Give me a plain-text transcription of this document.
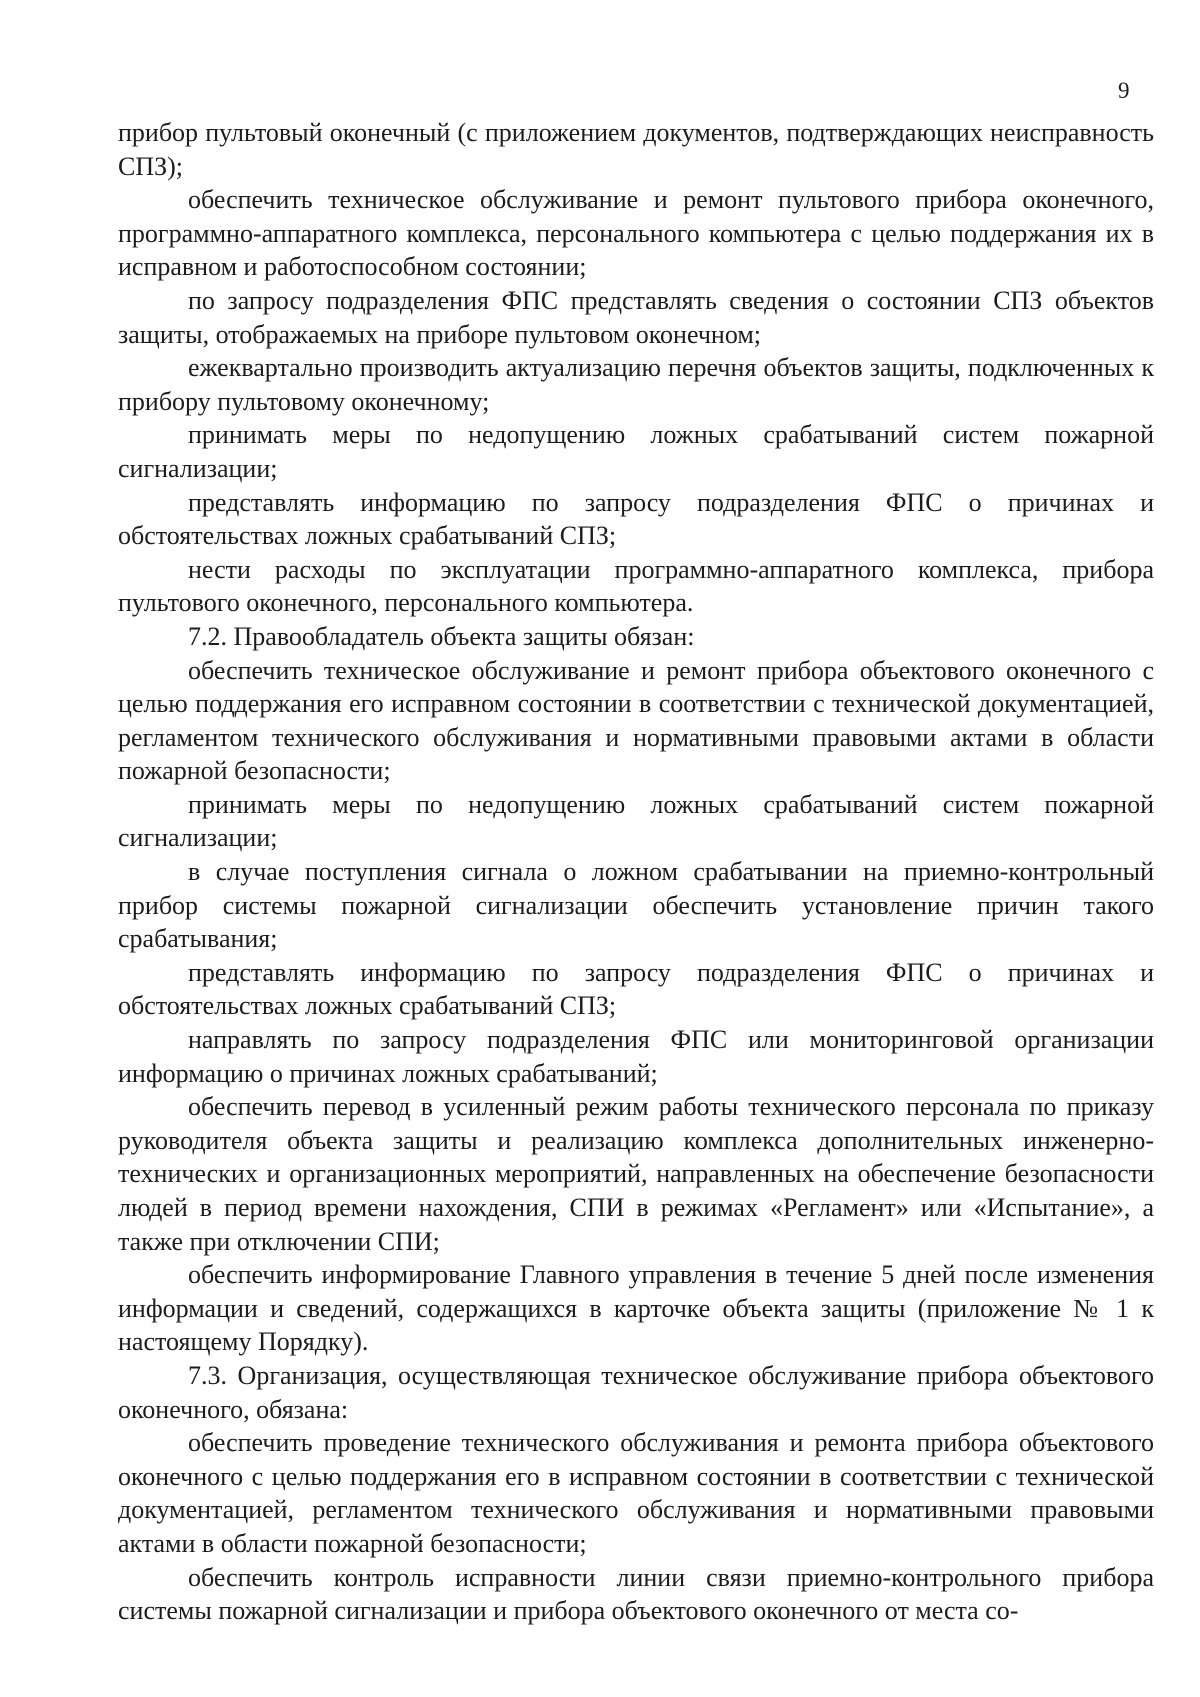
9

прибор пультовый оконечный (с приложением документов, подтверждающих неисправность СПЗ);

обеспечить техническое обслуживание и ремонт пультового прибора оконечного, программно-аппаратного комплекса, персонального компьютера с целью поддержания их в исправном и работоспособном состоянии;

по запросу подразделения ФПС представлять сведения о состоянии СПЗ объектов защиты, отображаемых на приборе пультовом оконечном;

ежеквартально производить актуализацию перечня объектов защиты, подключенных к прибору пультовому оконечному;

принимать меры по недопущению ложных срабатываний систем пожарной сигнализации;

представлять информацию по запросу подразделения ФПС о причинах и обстоятельствах ложных срабатываний СПЗ;

нести расходы по эксплуатации программно-аппаратного комплекса, прибора пультового оконечного, персонального компьютера.

7.2. Правообладатель объекта защиты обязан:

обеспечить техническое обслуживание и ремонт прибора объектового оконечного с целью поддержания его исправном состоянии в соответствии с технической документацией, регламентом технического обслуживания и нормативными правовыми актами в области пожарной безопасности;

принимать меры по недопущению ложных срабатываний систем пожарной сигнализации;

в случае поступления сигнала о ложном срабатывании на приемно-контрольный прибор системы пожарной сигнализации обеспечить установление причин такого срабатывания;

представлять информацию по запросу подразделения ФПС о причинах и обстоятельствах ложных срабатываний СПЗ;

направлять по запросу подразделения ФПС или мониторинговой организации информацию о причинах ложных срабатываний;

обеспечить перевод в усиленный режим работы технического персонала по приказу руководителя объекта защиты и реализацию комплекса дополнительных инженерно-технических и организационных мероприятий, направленных на обеспечение безопасности людей в период времени нахождения, СПИ в режимах «Регламент» или «Испытание», а также при отключении СПИ;

обеспечить информирование Главного управления в течение 5 дней после изменения информации и сведений, содержащихся в карточке объекта защиты (приложение № 1 к настоящему Порядку).

7.3. Организация, осуществляющая техническое обслуживание прибора объектового оконечного, обязана:

обеспечить проведение технического обслуживания и ремонта прибора объектового оконечного с целью поддержания его в исправном состоянии в соответствии с технической документацией, регламентом технического обслуживания и нормативными правовыми актами в области пожарной безопасности;

обеспечить контроль исправности линии связи приемно-контрольного прибора системы пожарной сигнализации и прибора объектового оконечного от места со-
